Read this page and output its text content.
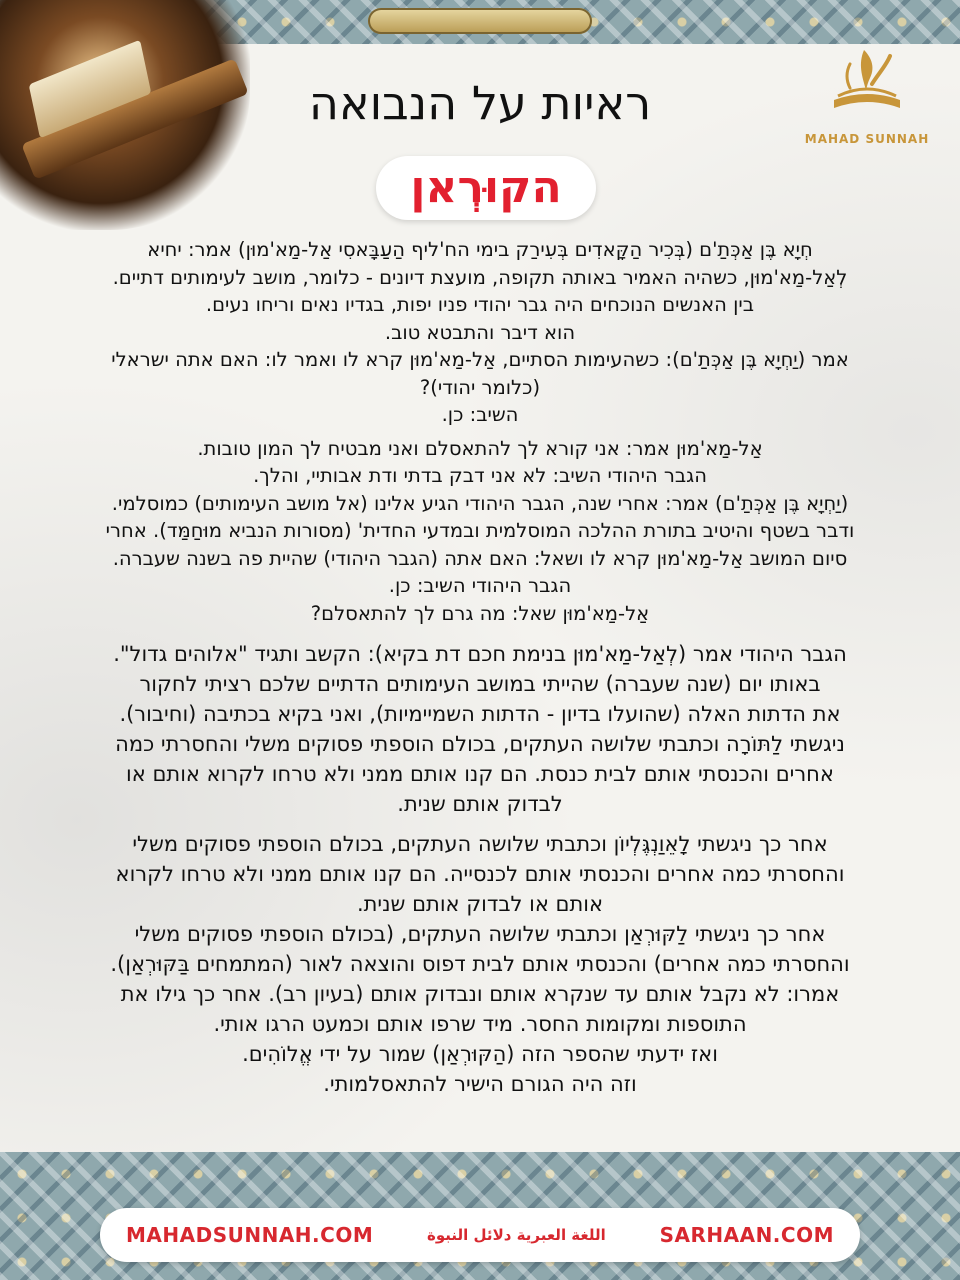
MAHAD SUNNAH
ראיות על הנבואה
הקוּרְאן

חְיָא בֶּן אַכְּתַ'ם (בְּכִיר הַקָּאדִים בְּעִירַק בימי הח'ליף הַעַבָּאסִי אַל-מַא'מוּן) אמר: יחיא

לְאַל-מַא'מוּן, כשהיה האמיר באותה תקופה, מועצת דיונים - כלומר, מושב לעימותים דתיים.

בין האנשים הנוכחים היה גבר יהודי פניו יפות, בגדיו נאים וריחו נעים.

הוא דיבר והתבטא טוב.

אמר (יַחְיָא בֶּן אַכְּתַ'ם): כשהעימות הסתיים, אַל-מַא'מוּן קרא לו ואמר לו: האם אתה ישראלי

(כלומר יהודי)?

השיב: כן.

אַל-מַא'מוּן אמר: אני קורא לך להתאסלם ואני מבטיח לך המון טובות.

הגבר היהודי השיב: לא אני דבק בדתי ודת אבותיי, והלך.

(יַחְיָא בֶּן אַכְּתַ'ם) אמר: אחרי שנה, הגבר היהודי הגיע אלינו (אל מושב העימותים) כמוסלמי.

ודבר בשטף והיטיב בתורת ההלכה המוסלמית ובמדעי החדית' (מסורות הנביא מוּחַמַּד). אחרי

סיום המושב אַל-מַא'מוּן קרא לו ושאל: האם אתה (הגבר היהודי) שהיית פה בשנה שעברה.

הגבר היהודי השיב: כן.

אַל-מַא'מוּן שאל: מה גרם לך להתאסלם?

הגבר היהודי אמר (לְאַל-מַא'מוּן בנימת חכם דת בקיא): הקשב ותגיד "אלוהים גדול".

באותו יום (שנה שעברה) שהייתי במושב העימותים הדתיים שלכם רציתי לחקור

את הדתות האלה (שהועלו בדיון - הדתות השמיימיות), ואני בקיא בכתיבה (וחיבור).

ניגשתי לַתּוֹרָה וכתבתי שלושה העתקים, בכולם הוספתי פסוקים משלי והחסרתי כמה

אחרים והכנסתי אותם לבית כנסת. הם קנו אותם ממני ולא טרחו לקרוא אותם או

לבדוק אותם שנית.

אחר כך ניגשתי לָאֵוַנְגֶּלְיוֹן וכתבתי שלושה העתקים, בכולם הוספתי פסוקים משלי

והחסרתי כמה אחרים והכנסתי אותם לכנסייה. הם קנו אותם ממני ולא טרחו לקרוא

אותם או לבדוק אותם שנית.

אחר כך ניגשתי לַקּוּרְאַן וכתבתי שלושה העתקים, (בכולם הוספתי פסוקים משלי

והחסרתי כמה אחרים) והכנסתי אותם לבית דפוס והוצאה לאור (המתמחים בַּקּוּרְאַן).

אמרו: לא נקבל אותם עד שנקרא אותם ונבדוק אותם (בעיון רב). אחר כך גילו את

התוספות ומקומות החסר. מיד שרפו אותם וכמעט הרגו אותי.

ואז ידעתי שהספר הזה (הַקּוּרְאַן) שמור על ידי אֱלוֹהִים.

וזה היה הגורם הישיר להתאסלמותי.

MAHADSUNNAH.COM	اللغة العبرية دلائل النبوة	SARHAAN.COM
